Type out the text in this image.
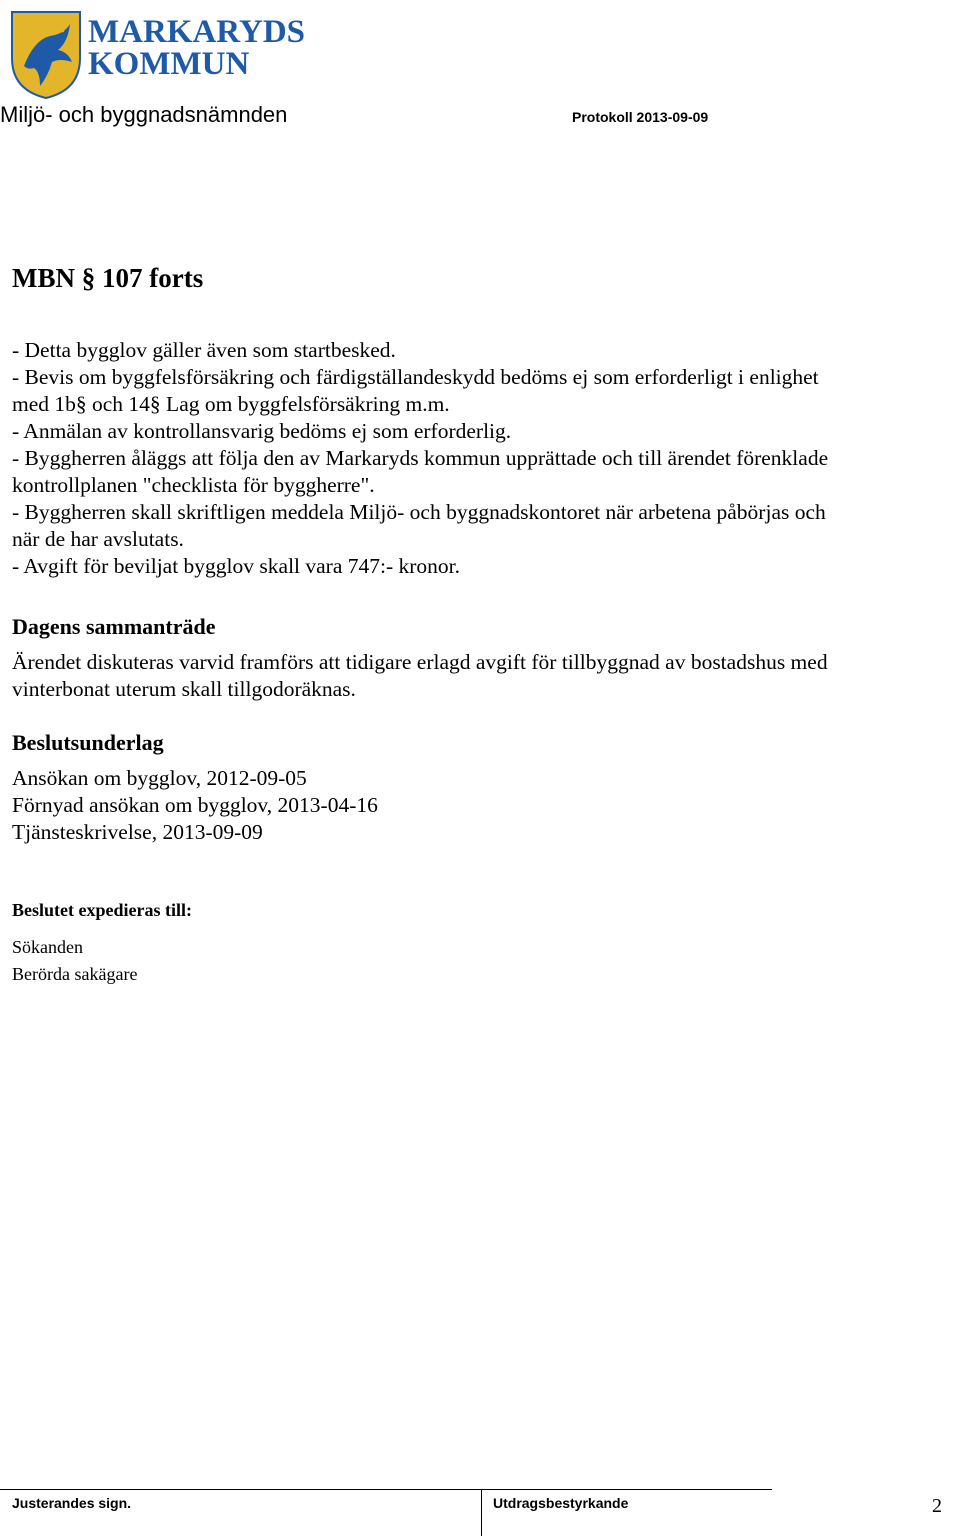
MARKARYDS
KOMMUN
Miljö- och byggnadsnämnden	Protokoll 2013-09-09
MBN § 107 forts
- Detta bygglov gäller även som startbesked.
- Bevis om byggfelsförsäkring och färdigställandeskydd bedöms ej som erforderligt i enlighet
med 1b§ och 14§ Lag om byggfelsförsäkring m.m.
- Anmälan av kontrollansvarig bedöms ej som erforderlig.
- Byggherren åläggs att följa den av Markaryds kommun upprättade och till ärendet förenklade
kontrollplanen "checklista för byggherre".
- Byggherren skall skriftligen meddela Miljö- och byggnadskontoret när arbetena påbörjas och
när de har avslutats.
- Avgift för beviljat bygglov skall vara 747:- kronor.
Dagens sammanträde
Ärendet diskuteras varvid framförs att tidigare erlagd avgift för tillbyggnad av bostadshus med
vinterbonat uterum skall tillgodoräknas.
Beslutsunderlag
Ansökan om bygglov, 2012-09-05
Förnyad ansökan om bygglov, 2013-04-16
Tjänsteskrivelse, 2013-09-09
Beslutet expedieras till:
Sökanden
Berörda sakägare
Justerandes sign.	Utdragsbestyrkande	2
